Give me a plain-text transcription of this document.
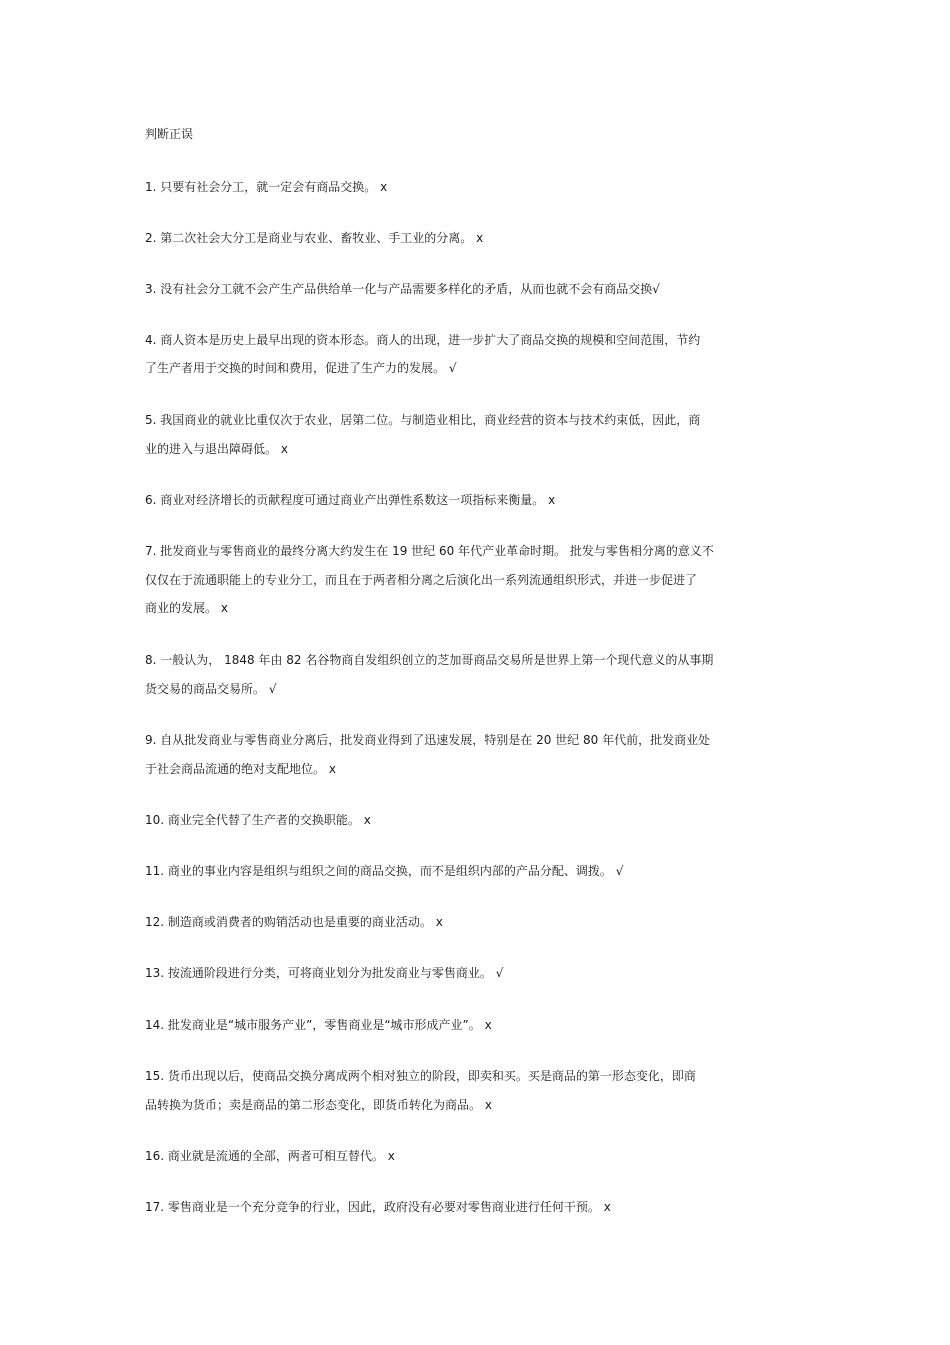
判断正误
1. 只要有社会分工，就一定会有商品交换。 x
2. 第二次社会大分工是商业与农业、畜牧业、手工业的分离。 x
3. 没有社会分工就不会产生产品供给单一化与产品需要多样化的矛盾，从而也就不会有商品交换√
4. 商人资本是历史上最早出现的资本形态。商人的出现，进一步扩大了商品交换的规模和空间范围，节约
了生产者用于交换的时间和费用，促进了生产力的发展。 √
5. 我国商业的就业比重仅次于农业，居第二位。与制造业相比，商业经营的资本与技术约束低，因此，商
业的进入与退出障碍低。 x
6. 商业对经济增长的贡献程度可通过商业产出弹性系数这一项指标来衡量。 x
7. 批发商业与零售商业的最终分离大约发生在 19 世纪 60 年代产业革命时期。 批发与零售相分离的意义不
仅仅在于流通职能上的专业分工，而且在于两者相分离之后演化出一系列流通组织形式，并进一步促进了
商业的发展。 x
8. 一般认为， 1848 年由 82 名谷物商自发组织创立的芝加哥商品交易所是世界上第一个现代意义的从事期
货交易的商品交易所。 √
9. 自从批发商业与零售商业分离后，批发商业得到了迅速发展，特别是在 20 世纪 80 年代前，批发商业处
于社会商品流通的绝对支配地位。 x
10. 商业完全代替了生产者的交换职能。 x
11. 商业的事业内容是组织与组织之间的商品交换，而不是组织内部的产品分配、调拨。 √
12. 制造商或消费者的购销活动也是重要的商业活动。 x
13. 按流通阶段进行分类，可将商业划分为批发商业与零售商业。 √
14. 批发商业是“城市服务产业”，零售商业是“城市形成产业”。 x
15. 货币出现以后，使商品交换分离成两个相对独立的阶段，即卖和买。买是商品的第一形态变化，即商
品转换为货币；卖是商品的第二形态变化，即货币转化为商品。 x
16. 商业就是流通的全部，两者可相互替代。 x
17. 零售商业是一个充分竞争的行业，因此，政府没有必要对零售商业进行任何干预。 x
